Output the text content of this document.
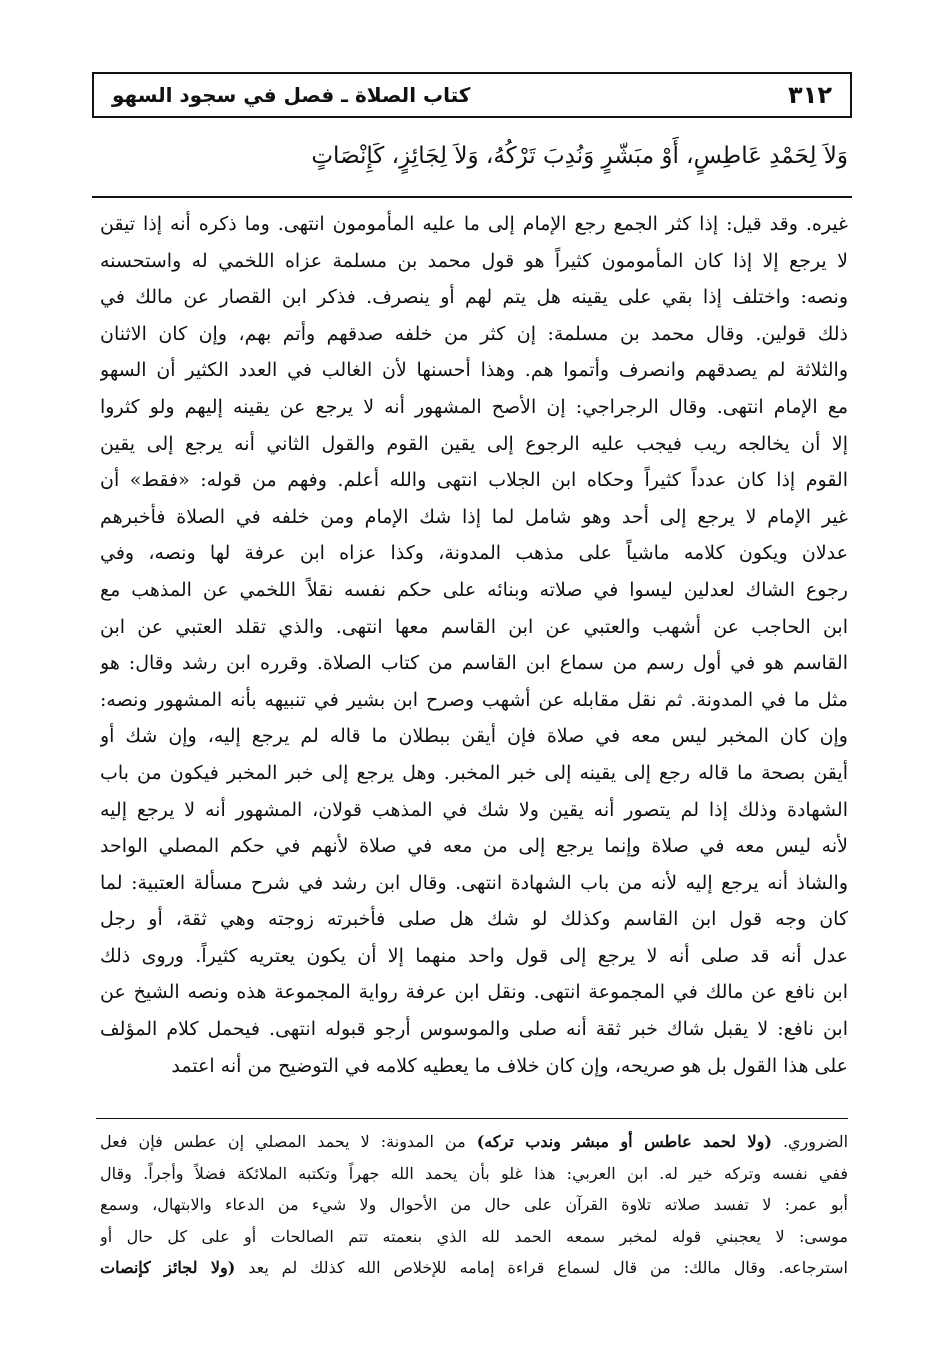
٣١٢
كتاب الصلاة ـ فصل في سجود السهو
وَلاَ لِحَمْدِ عَاطِسٍ، أَوْ مبَشّرٍ وَنُدِبَ تَرْكُهُ، وَلاَ لِجَائِزٍ، كَإِنْصَاتٍ
غيره. وقد قيل: إذا كثر الجمع رجع الإمام إلى ما عليه المأمومون انتهى. وما ذكره أنه إذا تيقن
لا يرجع إلا إذا كان المأمومون كثيراً هو قول محمد بن مسلمة عزاه اللخمي له واستحسنه
ونصه: واختلف إذا بقي على يقينه هل يتم لهم أو ينصرف. فذكر ابن القصار عن مالك في
ذلك قولين. وقال محمد بن مسلمة: إن كثر من خلفه صدقهم وأتم بهم، وإن كان الاثنان
والثلاثة لم يصدقهم وانصرف وأتموا هم. وهذا أحسنها لأن الغالب في العدد الكثير أن السهو
مع الإمام انتهى. وقال الرجراجي: إن الأصح المشهور أنه لا يرجع عن يقينه إليهم ولو كثروا
إلا أن يخالجه ريب فيجب عليه الرجوع إلى يقين القوم والقول الثاني أنه يرجع إلى يقين
القوم إذا كان عدداً كثيراً وحكاه ابن الجلاب انتهى والله أعلم. وفهم من قوله: «فقط» أن
غير الإمام لا يرجع إلى أحد وهو شامل لما إذا شك الإمام ومن خلفه في الصلاة فأخبرهم
عدلان ويكون كلامه ماشياً على مذهب المدونة، وكذا عزاه ابن عرفة لها ونصه، وفي
رجوع الشاك لعدلين ليسوا في صلاته وبنائه على حكم نفسه نقلاً اللخمي عن المذهب مع
ابن الحاجب عن أشهب والعتبي عن ابن القاسم معها انتهى. والذي تقلد العتبي عن ابن
القاسم هو في أول رسم من سماع ابن القاسم من كتاب الصلاة. وقرره ابن رشد وقال: هو
مثل ما في المدونة. ثم نقل مقابله عن أشهب وصرح ابن بشير في تنبيهه بأنه المشهور ونصه:
وإن كان المخبر ليس معه في صلاة فإن أيقن ببطلان ما قاله لم يرجع إليه، وإن شك أو
أيقن بصحة ما قاله رجع إلى يقينه إلى خبر المخبر. وهل يرجع إلى خبر المخبر فيكون من باب
الشهادة وذلك إذا لم يتصور أنه يقين ولا شك في المذهب قولان، المشهور أنه لا يرجع إليه
لأنه ليس معه في صلاة وإنما يرجع إلى من معه في صلاة لأنهم في حكم المصلي الواحد
والشاذ أنه يرجع إليه لأنه من باب الشهادة انتهى. وقال ابن رشد في شرح مسألة العتبية: لما
كان وجه قول ابن القاسم وكذلك لو شك هل صلى فأخبرته زوجته وهي ثقة، أو رجل
عدل أنه قد صلى أنه لا يرجع إلى قول واحد منهما إلا أن يكون يعتريه كثيراً. وروى ذلك
ابن نافع عن مالك في المجموعة انتهى. ونقل ابن عرفة رواية المجموعة هذه ونصه الشيخ عن
ابن نافع: لا يقبل شاك خبر ثقة أنه صلى والموسوس أرجو قبوله انتهى. فيحمل كلام المؤلف
على هذا القول بل هو صريحه، وإن كان خلاف ما يعطيه كلامه في التوضيح من أنه اعتمد
الضروري. (ولا لحمد عاطس أو مبشر وندب تركه) من المدونة: لا يحمد المصلي إن عطس فإن فعل
ففي نفسه وتركه خير له. ابن العربي: هذا غلو بأن يحمد الله جهراً وتكتبه الملائكة فضلاً وأجراً. وقال
أبو عمر: لا تفسد صلاته تلاوة القرآن على حال من الأحوال ولا شيء من الدعاء والابتهال، وسمع
موسى: لا يعجبني قوله لمخبر سمعه الحمد لله الذي بنعمته تتم الصالحات أو على كل حال أو
استرجاعه. وقال مالك: من قال لسماع قراءة إمامه للإخلاص الله كذلك لم يعد (ولا لجائز كإنصات
